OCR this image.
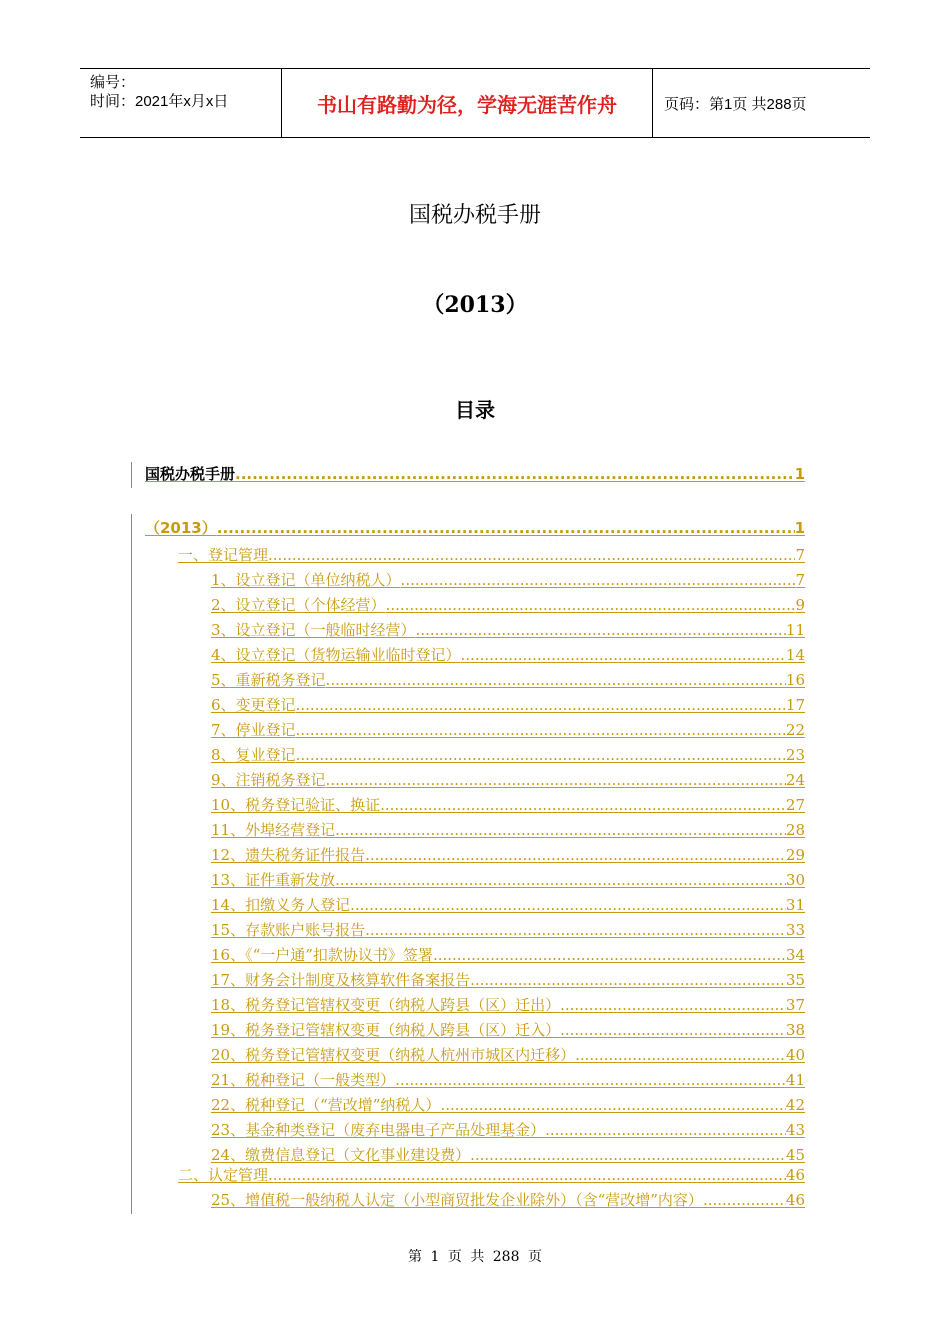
编号：
时间：2021年x月x日	书山有路勤为径，学海无涯苦作舟	页码：第1页 共288页
国税办税手册
（2013）
目录
国税办税手册 .....	1
（2013） .....	1
一、登记管理 .....	7
1、设立登记（单位纳税人） .....	7
2、设立登记（个体经营） .....	9
3、设立登记（一般临时经营） .....	11
4、设立登记（货物运输业临时登记） .....	14
5、重新税务登记 .....	16
6、变更登记 .....	17
7、停业登记 .....	22
8、复业登记 .....	23
9、注销税务登记 .....	24
10、税务登记验证、换证 .....	27
11、外埠经营登记 .....	28
12、遗失税务证件报告 .....	29
13、证件重新发放 .....	30
14、扣缴义务人登记 .....	31
15、存款账户账号报告 .....	33
16、《“一户通”扣款协议书》签署 .....	34
17、财务会计制度及核算软件备案报告 .....	35
18、税务登记管辖权变更（纳税人跨县（区）迁出） .....	37
19、税务登记管辖权变更（纳税人跨县（区）迁入） .....	38
20、税务登记管辖权变更（纳税人杭州市城区内迁移） .....	40
21、税种登记（一般类型） .....	41
22、税种登记（“营改增”纳税人） .....	42
23、基金种类登记（废弃电器电子产品处理基金） .....	43
24、缴费信息登记（文化事业建设费） .....	45
二、认定管理 .....	46
25、增值税一般纳税人认定（小型商贸批发企业除外）（含“营改增”内容） .....	46
第 1 页 共 288 页
